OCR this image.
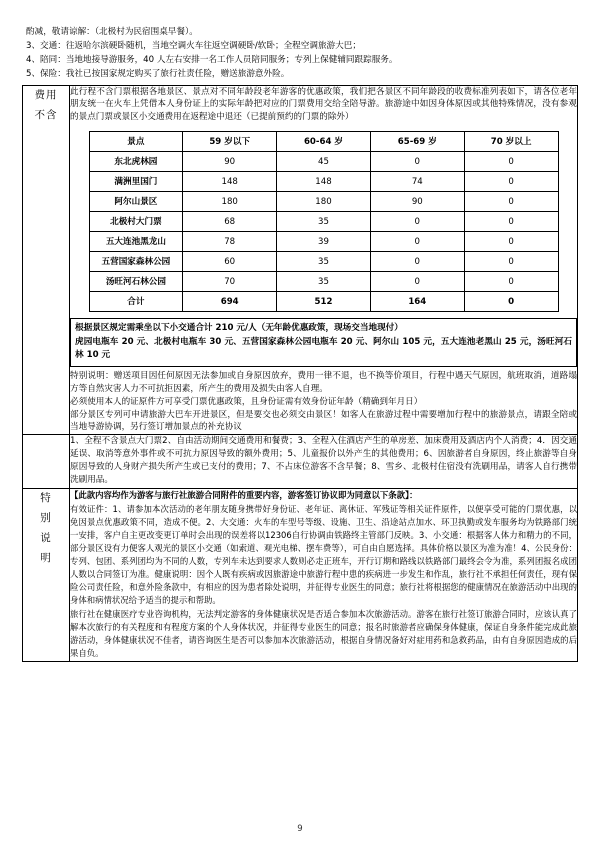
酌减，敬请谅解：（北极村为民宿围桌早餐）。

3、交通：往返哈尔滨硬卧随机，当地空调火车往返空调硬卧/软卧；全程空调旅游大巴；

4、陪同：当地地接导游服务，40 人左右安排一名工作人员陪同服务；专列上保健辅同跟踪服务。

5、保险：我社已按国家规定购买了旅行社责任险，赠送旅游意外险。

费用
不含

此行程不含门票根据各地景区、景点对不同年龄段老年游客的优惠政策，我们把各景区不同年龄段的收费标准列表如下，请各位老年朋友统一在火车上凭借本人身份证上的实际年龄把对应的门票费用交给全陪导游。旅游途中如因身体原因或其他特殊情况，没有参观的景点门票或景区小交通费用在返程途中退还（已提前预约的门票的除外）

景点	59 岁以下	60-64 岁	65-69 岁	70 岁以上
东北虎林园	90	45	0	0
满洲里国门	148	148	74	0
阿尔山景区	180	180	90	0
北极村大门票	68	35	0	0
五大连池黑龙山	78	39	0	0
五营国家森林公园	60	35	0	0
汤旺河石林公园	70	35	0	0
合计	694	512	164	0

根据景区规定需乘坐以下小交通合计 210 元/人（无年龄优惠政策，现场交当地现付）

虎园电瓶车 20 元、北极村电瓶车 30 元、五营国家森林公园电瓶车 20 元、阿尔山 105 元，五大连池老黑山 25 元，汤旺河石林 10 元

特别说明：赠送项目因任何原因无法参加或自身原因放弃，费用一律不退，也不换等价项目，行程中遇天气原因，航班取消，道路塌方等自然灾害人力不可抗拒因素，所产生的费用及损失由客人自理。

必须使用本人的证原件方可享受门票优惠政策，且身份证需有效身份证年龄（精确到年月日）

部分景区专列可申请旅游大巴车开进景区，但是要交也必须交由景区！如客人在旅游过程中需要增加行程中的旅游景点，请跟全陪或当地导游协调，另行签订增加景点的补充协议

1、全程不含景点大门票2、自由活动期间交通费用和餐费；3、全程入住酒店产生的单房差、加床费用及酒店内个人消费；4．因交通延误、取消等意外事件或不可抗力原因导致的额外费用；5、儿童报价以外产生的其他费用；6、因旅游者自身原因，终止旅游等自身原因导致的人身财产损失所产生或已支付的费用；7、不占床位游客不含早餐；8、雪乡、北极村住宿没有洗刷用品，请客人自行携带洗刷用品。

特
别
说
明

【此款内容均作为游客与旅行社旅游合同附件的重要内容，游客签订协议即为同意以下条款】：

有效证件：1、请参加本次活动的老年朋友随身携带好身份证、老年证、离休证、军残证等相关证件原件，以便享受可能的门票优惠，以免因景点优惠政策不同，造成不便。2、大交通：火车的车型号等级、设施、卫生、沿途站点加水、环卫执勤或发车服务均为铁路部门统一安排，客户自主更改变更订单时会出现的误差将以12306自行协调由铁路终主管部门反映。3、小交通：根据客人体力和精力的不同，部分景区设有力便客人观光的景区小交通（如索道、观光电梯、摆车费等），可自由自愿选择。具体价格以景区为准为准！4、公民身份：专列、包团、系列团均为不同的人数，专列车未达到要求人数则必走正班车，开行订期和路线以铁路部门最终会令为准，系列团报名成团人数以合同签订为准。健康说明：因个人既有疾病或因旅游途中旅游行程中患的疾病进一步发生和作乱，旅行社不承担任何责任，现有保险公司责任险，和意外险条款中，有相应的因为患者除处说明，并征得专业医生的同意；旅行社将根据您的健康情况在旅游活动中出现的身体和病情状况给予适当的提示和帮助。

旅行社在健康医疗专业咨询机构，无法判定游客的身体健康状况是否适合参加本次旅游活动。游客在旅行社签订旅游合同时，应该认真了解本次旅行的有关程度和有程度方案的个人身体状况，并征得专业医生的同意；报名时旅游者应确保身体健康，保证自身条件能完成此旅游活动，身体健康状况不佳者，请咨询医生是否可以参加本次旅游活动，根据自身情况备好对症用药和急救药品，由有自身原因造成的后果自负。

9
